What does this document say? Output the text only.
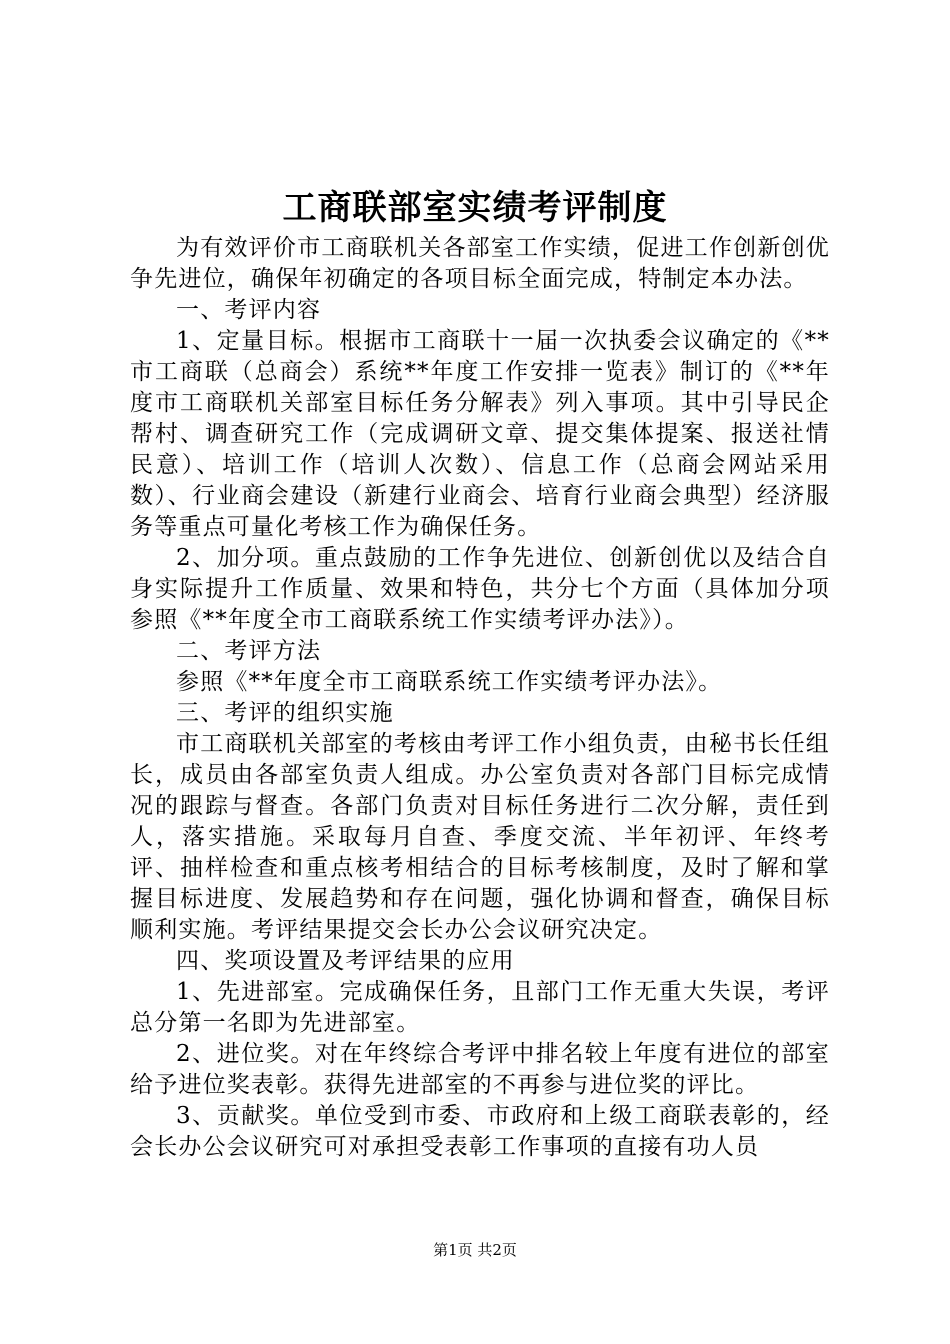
工商联部室实绩考评制度

为有效评价市工商联机关各部室工作实绩，促进工作创新创优争先进位，确保年初确定的各项目标全面完成，特制定本办法。

一、考评内容

1、定量目标。根据市工商联十一届一次执委会议确定的《**市工商联（总商会）系统**年度工作安排一览表》制订的《**年度市工商联机关部室目标任务分解表》列入事项。其中引导民企帮村、调查研究工作（完成调研文章、提交集体提案、报送社情民意）、培训工作（培训人次数）、信息工作（总商会网站采用数）、行业商会建设（新建行业商会、培育行业商会典型）经济服务等重点可量化考核工作为确保任务。

2、加分项。重点鼓励的工作争先进位、创新创优以及结合自身实际提升工作质量、效果和特色，共分七个方面（具体加分项参照《**年度全市工商联系统工作实绩考评办法》）。

二、考评方法

参照《**年度全市工商联系统工作实绩考评办法》。

三、考评的组织实施

市工商联机关部室的考核由考评工作小组负责，由秘书长任组长，成员由各部室负责人组成。办公室负责对各部门目标完成情况的跟踪与督查。各部门负责对目标任务进行二次分解，责任到人，落实措施。采取每月自查、季度交流、半年初评、年终考评、抽样检查和重点核考相结合的目标考核制度，及时了解和掌握目标进度、发展趋势和存在问题，强化协调和督查，确保目标顺利实施。考评结果提交会长办公会议研究决定。

四、奖项设置及考评结果的应用

1、先进部室。完成确保任务，且部门工作无重大失误，考评总分第一名即为先进部室。

2、进位奖。对在年终综合考评中排名较上年度有进位的部室给予进位奖表彰。获得先进部室的不再参与进位奖的评比。

3、贡献奖。单位受到市委、市政府和上级工商联表彰的，经会长办公会议研究可对承担受表彰工作事项的直接有功人员

第1页 共2页
